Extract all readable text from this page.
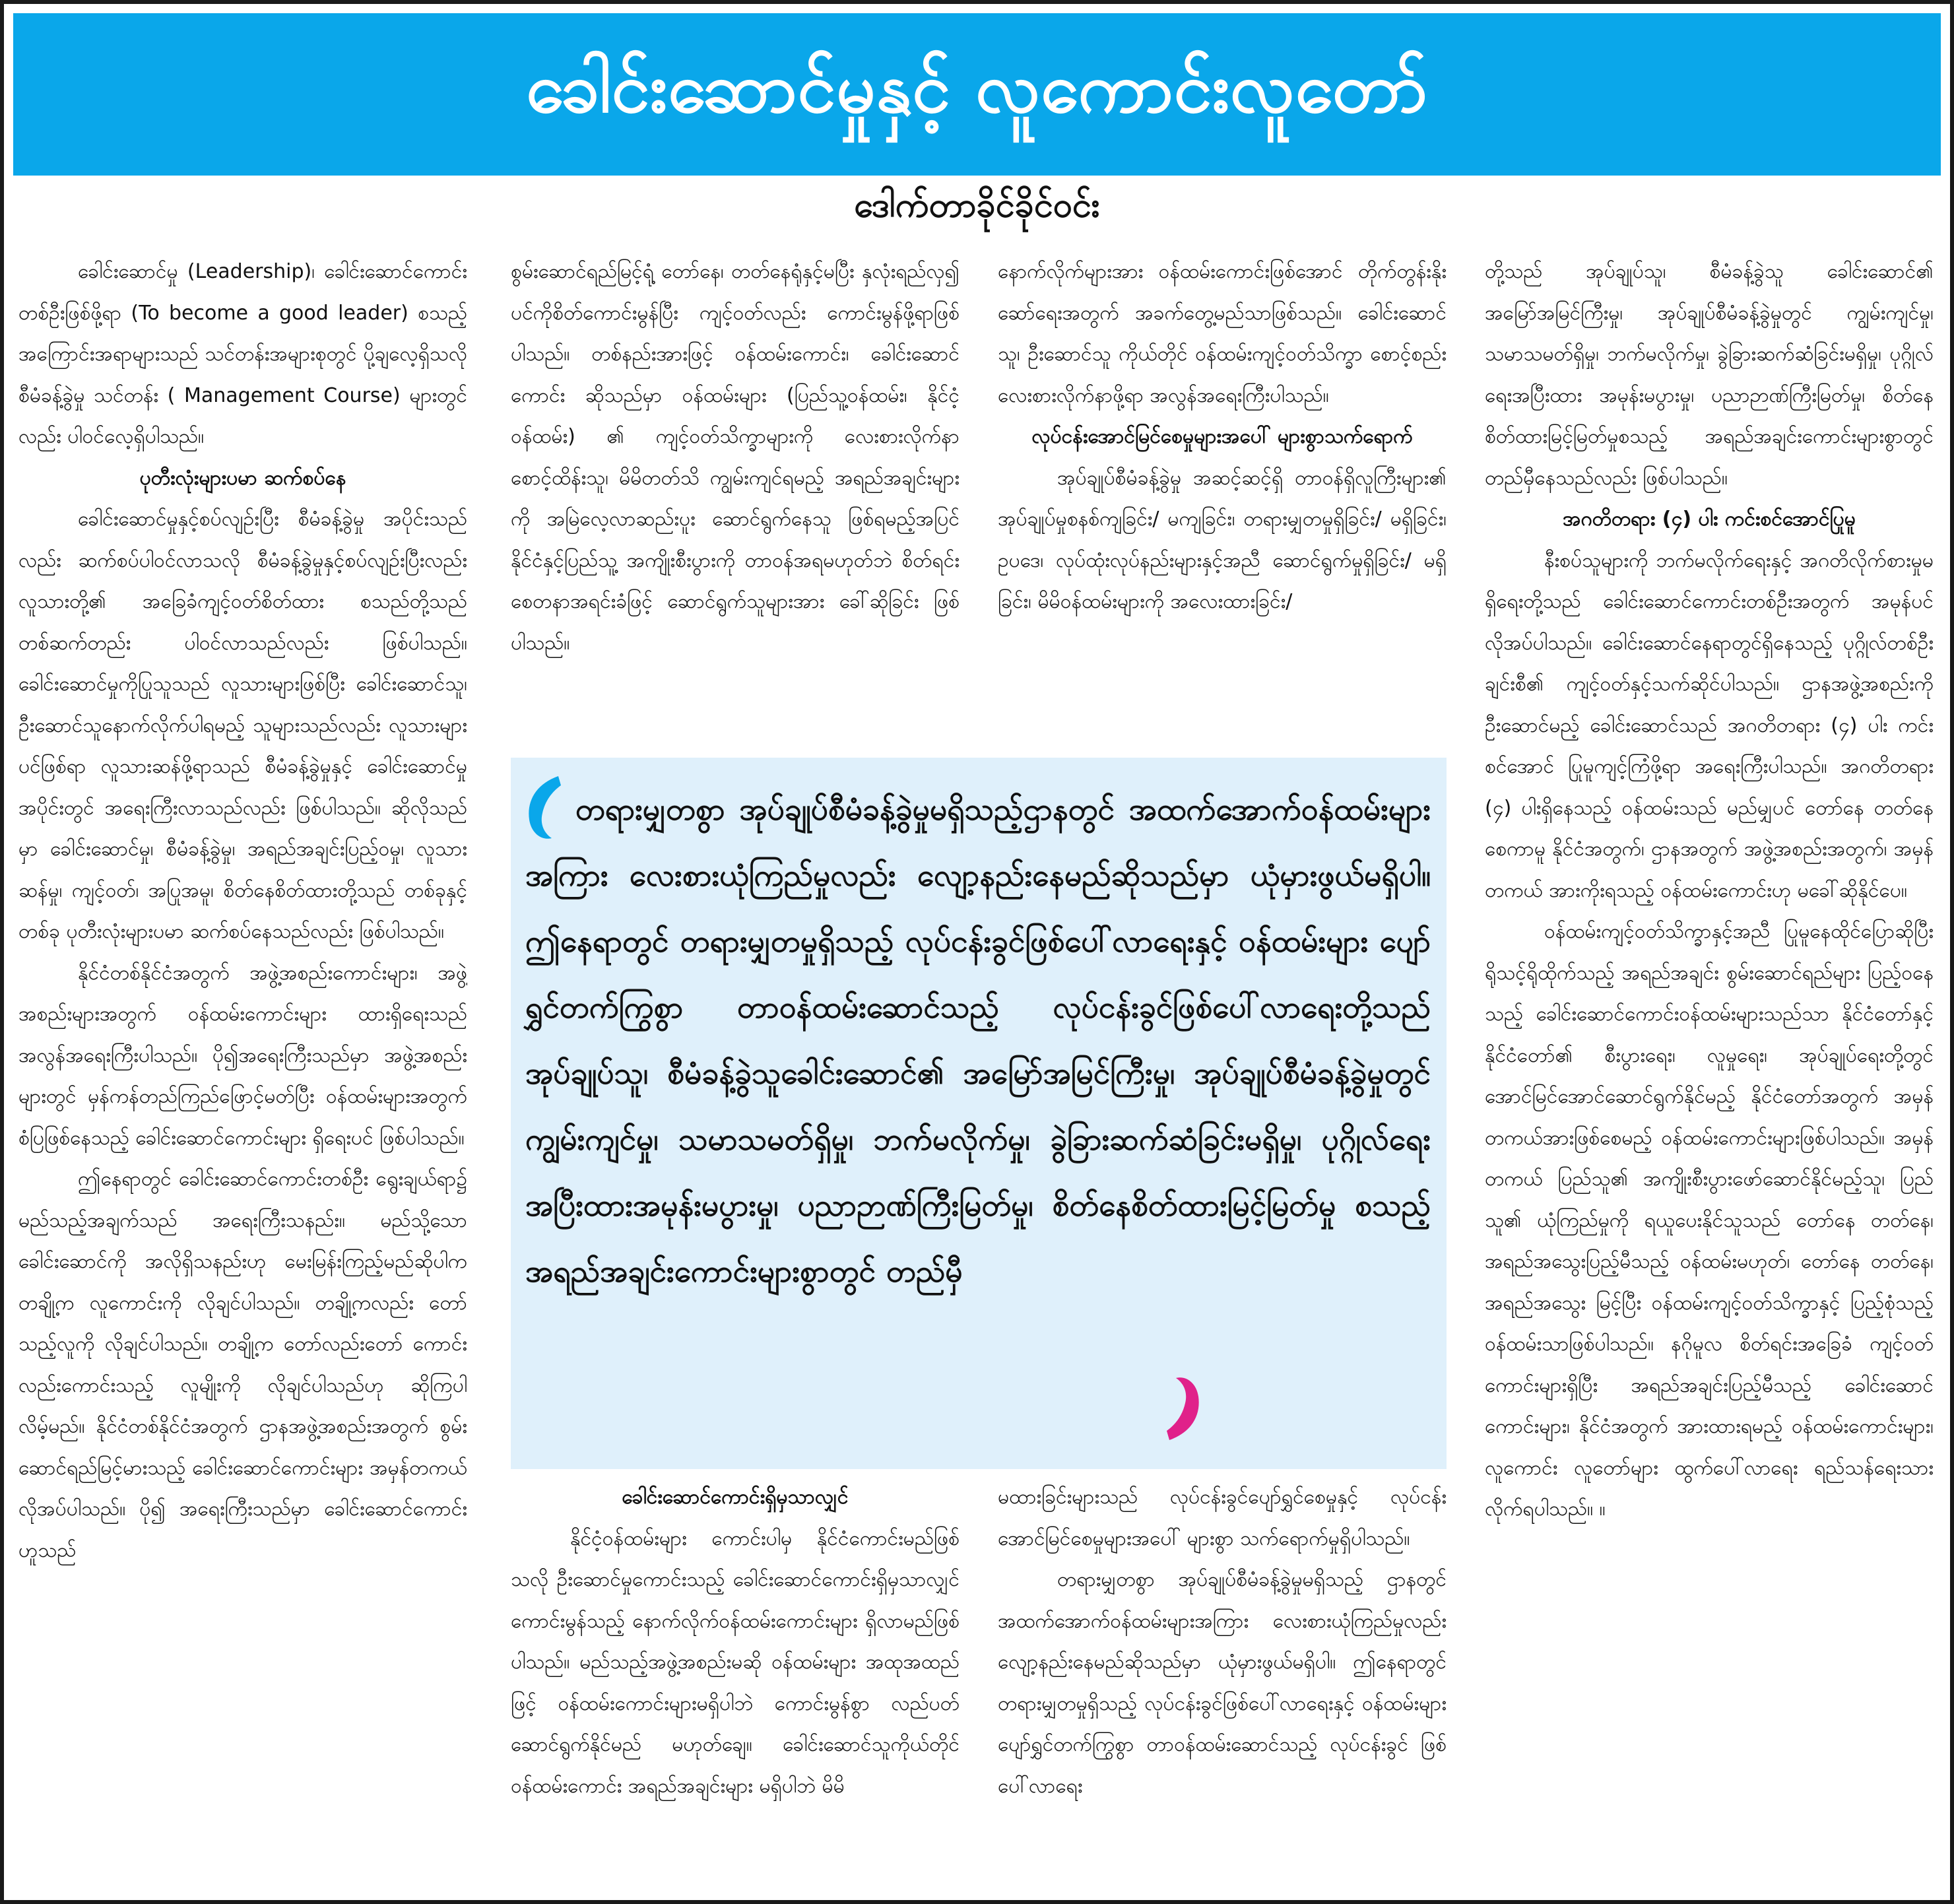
ခေါင်းဆောင်မှုနှင့် လူကောင်းလူတော်
ဒေါက်တာခိုင်ခိုင်ဝင်း

ခေါင်းဆောင်မှု (Leadership)၊ ခေါင်းဆောင်ကောင်းတစ်ဦးဖြစ်ဖို့ရာ (To become a good leader) စသည့်အကြောင်းအရာများသည် သင်တန်းအများစုတွင် ပို့ချလေ့ရှိသလို စီမံခန့်ခွဲမှု သင်တန်း ( Management Course) များတွင်လည်း ပါဝင်လေ့ရှိပါသည်။

ပုတီးလုံးများပမာ ဆက်စပ်နေ

ခေါင်းဆောင်မှုနှင့်စပ်လျဉ်းပြီး စီမံခန့်ခွဲမှု အပိုင်းသည်လည်း ဆက်စပ်ပါဝင်လာသလို စီမံခန့်ခွဲမှုနှင့်စပ်လျဉ်းပြီးလည်း လူသားတို့၏ အခြေခံကျင့်ဝတ်စိတ်ထား စသည်တို့သည် တစ်ဆက်တည်း ပါဝင်လာသည်လည်း ဖြစ်ပါသည်။ ခေါင်းဆောင်မှုကိုပြုသူသည် လူသားများဖြစ်ပြီး ခေါင်းဆောင်သူ၊ ဦးဆောင်သူနောက်လိုက်ပါရမည့် သူများသည်လည်း လူသားများပင်ဖြစ်ရာ လူသားဆန်ဖို့ရာသည် စီမံခန့်ခွဲမှုနှင့် ခေါင်းဆောင်မှုအပိုင်းတွင် အရေးကြီးလာသည်လည်း ဖြစ်ပါသည်။ ဆိုလိုသည်မှာ ခေါင်းဆောင်မှု၊ စီမံခန့်ခွဲမှု၊ အရည်အချင်းပြည့်ဝမှု၊ လူသားဆန်မှု၊ ကျင့်ဝတ်၊ အပြုအမူ၊ စိတ်နေစိတ်ထားတို့သည် တစ်ခုနှင့်တစ်ခု ပုတီးလုံးများပမာ ဆက်စပ်နေသည်လည်း ဖြစ်ပါသည်။

နိုင်ငံတစ်နိုင်ငံအတွက် အဖွဲ့အစည်းကောင်းများ၊ အဖွဲ့အစည်းများအတွက် ဝန်ထမ်းကောင်းများ ထားရှိရေးသည် အလွန်အရေးကြီးပါသည်။ ပို၍အရေးကြီးသည်မှာ အဖွဲ့အစည်းများတွင် မှန်ကန်တည်ကြည်ဖြောင့်မတ်ပြီး ဝန်ထမ်းများအတွက် စံပြဖြစ်နေသည့် ခေါင်းဆောင်ကောင်းများ ရှိရေးပင် ဖြစ်ပါသည်။

ဤနေရာတွင် ခေါင်းဆောင်ကောင်းတစ်ဦး ရွေးချယ်ရာ၌ မည်သည့်အချက်သည် အရေးကြီးသနည်း။ မည်သို့သော ခေါင်းဆောင်ကို အလိုရှိသနည်းဟု မေးမြန်းကြည့်မည်ဆိုပါက တချို့က လူကောင်းကို လိုချင်ပါသည်။ တချို့ကလည်း တော်သည့်လူကို လိုချင်ပါသည်။ တချို့က တော်လည်းတော် ကောင်းလည်းကောင်းသည့် လူမျိုးကို လိုချင်ပါသည်ဟု ဆိုကြပါလိမ့်မည်။ နိုင်ငံတစ်နိုင်ငံအတွက် ဌာနအဖွဲ့အစည်းအတွက် စွမ်းဆောင်ရည်မြင့်မားသည့် ခေါင်းဆောင်ကောင်းများ အမှန်တကယ်လိုအပ်ပါသည်။ ပို၍ အရေးကြီးသည်မှာ ခေါင်းဆောင်ကောင်းဟူသည်

စွမ်းဆောင်ရည်မြင့်ရုံ့ တော်နေ၊ တတ်နေရုံနှင့်မပြီး နှလုံးရည်လှ၍ ပင်ကိုစိတ်ကောင်းမွန်ပြီး ကျင့်ဝတ်လည်း ကောင်းမွန်ဖို့ရာဖြစ်ပါသည်။ တစ်နည်းအားဖြင့် ဝန်ထမ်းကောင်း၊ ခေါင်းဆောင်ကောင်း ဆိုသည်မှာ ဝန်ထမ်းများ (ပြည်သူ့ဝန်ထမ်း၊ နိုင်ငံ့ဝန်ထမ်း) ၏ ကျင့်ဝတ်သိက္ခာများကို လေးစားလိုက်နာစောင့်ထိန်းသူ၊ မိမိတတ်သိ ကျွမ်းကျင်ရမည့် အရည်အချင်းများကို အမြဲလေ့လာဆည်းပူး ဆောင်ရွက်နေသူ ဖြစ်ရမည့်အပြင် နိုင်ငံနှင့်ပြည်သူ့ အကျိုးစီးပွားကို တာဝန်အရမဟုတ်ဘဲ စိတ်ရင်းစေတနာအရင်းခံဖြင့် ဆောင်ရွက်သူများအား ခေါ်ဆိုခြင်း ဖြစ်ပါသည်။

နောက်လိုက်များအား ဝန်ထမ်းကောင်းဖြစ်အောင် တိုက်တွန်းနိုးဆော်ရေးအတွက် အခက်တွေ့မည်သာဖြစ်သည်။ ခေါင်းဆောင်သူ၊ ဦးဆောင်သူ ကိုယ်တိုင် ဝန်ထမ်းကျင့်ဝတ်သိက္ခာ စောင့်စည်း လေးစားလိုက်နာဖို့ရာ အလွန်အရေးကြီးပါသည်။

လုပ်ငန်းအောင်မြင်စေမှုများအပေါ် များစွာသက်ရောက်

အုပ်ချုပ်စီမံခန့်ခွဲမှု အဆင့်ဆင့်ရှိ တာဝန်ရှိလူကြီးများ၏ အုပ်ချုပ်မှုစနစ်ကျခြင်း/ မကျခြင်း၊ တရားမျှတမှုရှိခြင်း/ မရှိခြင်း၊ ဥပဒေ၊ လုပ်ထုံးလုပ်နည်းများနှင့်အညီ ဆောင်ရွက်မှုရှိခြင်း/ မရှိခြင်း၊ မိမိဝန်ထမ်းများကို အလေးထားခြင်း/

တရားမျှတစွာ အုပ်ချုပ်စီမံခန့်ခွဲမှုမရှိသည့်ဌာနတွင် အထက်အောက်ဝန်ထမ်းများအကြား လေးစားယုံကြည်မှုလည်း လျော့နည်းနေမည်ဆိုသည်မှာ ယုံမှားဖွယ်မရှိပါ။ ဤနေရာတွင် တရားမျှတမှုရှိသည့် လုပ်ငန်းခွင်ဖြစ်ပေါ်လာရေးနှင့် ဝန်ထမ်းများ ပျော်ရွှင်တက်ကြွစွာ တာဝန်ထမ်းဆောင်သည့် လုပ်ငန်းခွင်ဖြစ်ပေါ်လာရေးတို့သည် အုပ်ချုပ်သူ၊ စီမံခန့်ခွဲသူခေါင်းဆောင်၏ အမြော်အမြင်ကြီးမှု၊ အုပ်ချုပ်စီမံခန့်ခွဲမှုတွင် ကျွမ်းကျင်မှု၊ သမာသမတ်ရှိမှု၊ ဘက်မလိုက်မှု၊ ခွဲခြားဆက်ဆံခြင်းမရှိမှု၊ ပုဂ္ဂိုလ်ရေးအပြီးထားအမုန်းမပွားမှု၊ ပညာဉာဏ်ကြီးမြတ်မှု၊ စိတ်နေစိတ်ထားမြင့်မြတ်မှု စသည့်အရည်အချင်းကောင်းများစွာတွင် တည်မှီ

ခေါင်းဆောင်ကောင်းရှိမှသာလျှင်

နိုင်ငံ့ဝန်ထမ်းများ ကောင်းပါမှ နိုင်ငံကောင်းမည်ဖြစ်သလို ဦးဆောင်မှုကောင်းသည့် ခေါင်းဆောင်ကောင်းရှိမှသာလျှင် ကောင်းမွန်သည့် နောက်လိုက်ဝန်ထမ်းကောင်းများ ရှိလာမည်ဖြစ်ပါသည်။ မည်သည့်အဖွဲ့အစည်းမဆို ဝန်ထမ်းများ အထုအထည်ဖြင့် ဝန်ထမ်းကောင်းများမရှိပါဘဲ ကောင်းမွန်စွာ လည်ပတ်ဆောင်ရွက်နိုင်မည် မဟုတ်ချေ။ ခေါင်းဆောင်သူကိုယ်တိုင် ဝန်ထမ်းကောင်း အရည်အချင်းများ မရှိပါဘဲ မိမိ

မထားခြင်းများသည် လုပ်ငန်းခွင်ပျော်ရွှင်စေမှုနှင့် လုပ်ငန်းအောင်မြင်စေမှုများအပေါ် များစွာ သက်ရောက်မှုရှိပါသည်။

တရားမျှတစွာ အုပ်ချုပ်စီမံခန့်ခွဲမှုမရှိသည့် ဌာနတွင် အထက်အောက်ဝန်ထမ်းများအကြား လေးစားယုံကြည်မှုလည်း လျော့နည်းနေမည်ဆိုသည်မှာ ယုံမှားဖွယ်မရှိပါ။ ဤနေရာတွင် တရားမျှတမှုရှိသည့် လုပ်ငန်းခွင်ဖြစ်ပေါ်လာရေးနှင့် ဝန်ထမ်းများ ပျော်ရွှင်တက်ကြွစွာ တာဝန်ထမ်းဆောင်သည့် လုပ်ငန်းခွင် ဖြစ်ပေါ်လာရေး

တို့သည် အုပ်ချုပ်သူ၊ စီမံခန့်ခွဲသူ ခေါင်းဆောင်၏ အမြော်အမြင်ကြီးမှု၊ အုပ်ချုပ်စီမံခန့်ခွဲမှုတွင် ကျွမ်းကျင်မှု၊ သမာသမတ်ရှိမှု၊ ဘက်မလိုက်မှု၊ ခွဲခြားဆက်ဆံခြင်းမရှိမှု၊ ပုဂ္ဂိုလ်ရေးအပြီးထား အမုန်းမပွားမှု၊ ပညာဉာဏ်ကြီးမြတ်မှု၊ စိတ်နေစိတ်ထားမြင့်မြတ်မှုစသည့် အရည်အချင်းကောင်းများစွာတွင် တည်မှီနေသည်လည်း ဖြစ်ပါသည်။

အဂတိတရား (၄) ပါး ကင်းစင်အောင်ပြုမူ

နီးစပ်သူများကို ဘက်မလိုက်ရေးနှင့် အဂတိလိုက်စားမှုမရှိရေးတို့သည် ခေါင်းဆောင်ကောင်းတစ်ဦးအတွက် အမုန်ပင်လိုအပ်ပါသည်။ ခေါင်းဆောင်နေရာတွင်ရှိနေသည့် ပုဂ္ဂိုလ်တစ်ဦးချင်းစီ၏ ကျင့်ဝတ်နှင့်သက်ဆိုင်ပါသည်။ ဌာနအဖွဲ့အစည်းကို ဦးဆောင်မည့် ခေါင်းဆောင်သည် အဂတိတရား (၄) ပါး ကင်းစင်အောင် ပြုမူကျင့်ကြံဖို့ရာ အရေးကြီးပါသည်။ အဂတိတရား (၄) ပါးရှိနေသည့် ဝန်ထမ်းသည် မည်မျှပင် တော်နေ တတ်နေစေကာမူ နိုင်ငံအတွက်၊ ဌာနအတွက် အဖွဲ့အစည်းအတွက်၊ အမှန်တကယ် အားကိုးရသည့် ဝန်ထမ်းကောင်းဟု မခေါ်ဆိုနိုင်ပေ။

ဝန်ထမ်းကျင့်ဝတ်သိက္ခာနှင့်အညီ ပြုမူနေထိုင်ပြောဆိုပြီး ရိုသင့်ရိုထိုက်သည့် အရည်အချင်း စွမ်းဆောင်ရည်များ ပြည့်ဝနေသည့် ခေါင်းဆောင်ကောင်းဝန်ထမ်းများသည်သာ နိုင်ငံတော်နှင့် နိုင်ငံတော်၏ စီးပွားရေး၊ လူမှုရေး၊ အုပ်ချုပ်ရေးတို့တွင် အောင်မြင်အောင်ဆောင်ရွက်နိုင်မည့် နိုင်ငံတော်အတွက် အမှန်တကယ်အားဖြစ်စေမည့် ဝန်ထမ်းကောင်းများဖြစ်ပါသည်။ အမှန်တကယ် ပြည်သူ၏ အကျိုးစီးပွားဖော်ဆောင်နိုင်မည့်သူ၊ ပြည်သူ၏ ယုံကြည်မှုကို ရယူပေးနိုင်သူသည် တော်နေ တတ်နေ၊ အရည်အသွေးပြည့်မီသည့် ဝန်ထမ်းမဟုတ်၊ တော်နေ တတ်နေ၊ အရည်အသွေး မြင့်ပြီး ဝန်ထမ်းကျင့်ဝတ်သိက္ခာနှင့် ပြည့်စုံသည့် ဝန်ထမ်းသာဖြစ်ပါသည်။ နဂိုမူလ စိတ်ရင်းအခြေခံ ကျင့်ဝတ်ကောင်းများရှိပြီး အရည်အချင်းပြည့်မီသည့် ခေါင်းဆောင်ကောင်းများ၊ နိုင်ငံအတွက် အားထားရမည့် ဝန်ထမ်းကောင်းများ၊ လူကောင်း လူတော်များ ထွက်ပေါ်လာရေး ရည်သန်ရေးသား လိုက်ရပါသည်။ ။
